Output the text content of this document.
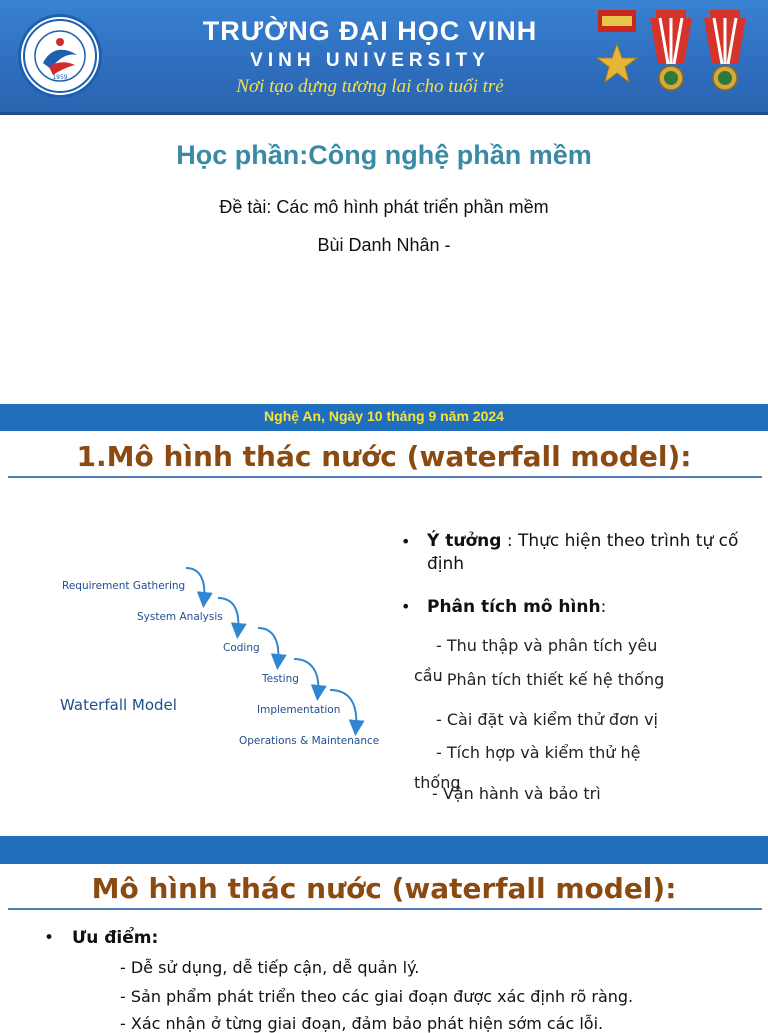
1959
TRƯỜNG ĐẠI HỌC VINH
VINH UNIVERSITY
Nơi tạo dựng tương lai cho tuổi trẻ
Học phần:Công nghệ phần mềm
Đề tài: Các mô hình phát triển phần mềm
Bùi Danh Nhân -
Nghệ An, Ngày 10 tháng 9 năm 2024
1.Mô hình thác nước (waterfall model):
Requirement Gathering
System Analysis
Coding
Testing
Implementation
Operations & Maintenance
Waterfall Model
• Ý tưởng : Thực hiện theo trình tự cố định
• Phân tích mô hình:
- Thu thập và phân tích yêu
cầu
- Phân tích thiết kế hệ thống
- Cài đặt và kiểm thử đơn vị
- Tích hợp và kiểm thử hệ
thống
- Vận hành và bảo trì
Mô hình thác nước (waterfall model):
• Ưu điểm:
- Dễ sử dụng, dễ tiếp cận, dễ quản lý.
- Sản phẩm phát triển theo các giai đoạn được xác định rõ ràng.
- Xác nhận ở từng giai đoạn, đảm bảo phát hiện sớm các lỗi.
